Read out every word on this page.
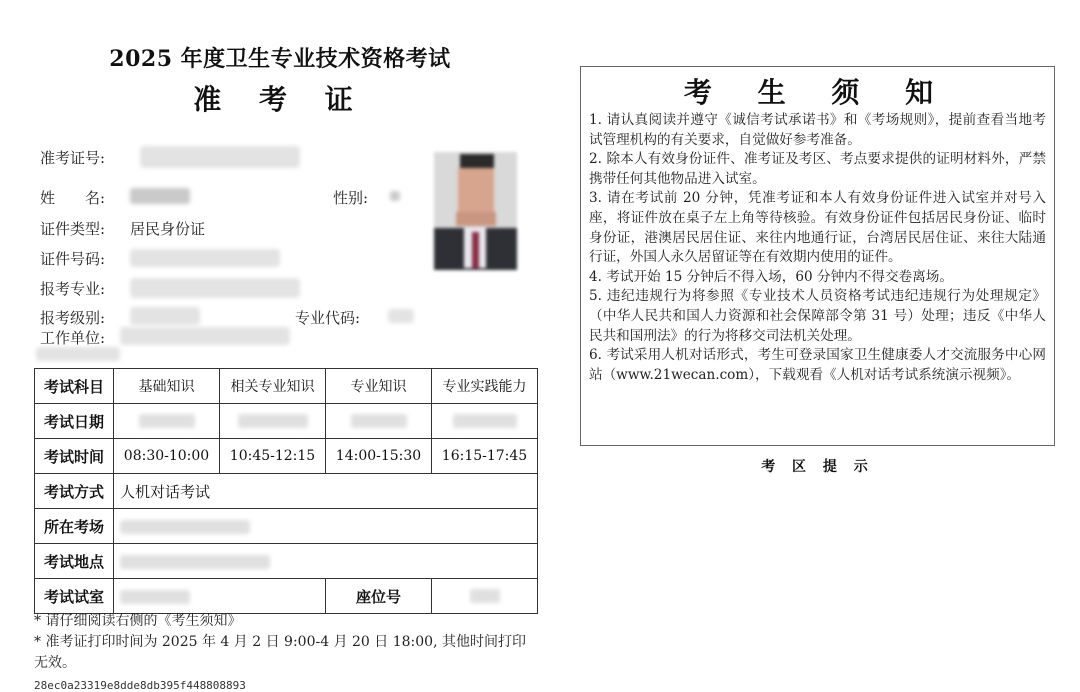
2025 年度卫生专业技术资格考试
准 考 证
准考证号:
姓　　名:	性别:
证件类型: 居民身份证
证件号码:
报考专业:
报考级别:	专业代码:
工作单位:
考试科目	基础知识	相关专业知识	专业知识	专业实践能力
考试日期				
考试时间	08:30-10:00	10:45-12:15	14:00-15:30	16:15-17:45
考试方式	人机对话考试			
所在考场				
考试地点				
考试试室			座位号	
* 请仔细阅读右侧的《考生须知》
* 准考证打印时间为 2025 年 4 月 2 日 9:00-4 月 20 日 18:00, 其他时间打印无效。
28ec0a23319e8dde8db395f448808893
考 生 须 知

1. 请认真阅读并遵守《诚信考试承诺书》和《考场规则》，提前查看当地考试管理机构的有关要求，自觉做好参考准备。

2. 除本人有效身份证件、准考证及考区、考点要求提供的证明材料外，严禁携带任何其他物品进入试室。

3. 请在考试前 20 分钟，凭准考证和本人有效身份证件进入试室并对号入座，将证件放在桌子左上角等待核验。有效身份证件包括居民身份证、临时身份证，港澳居民居住证、来往内地通行证，台湾居民居住证、来往大陆通行证，外国人永久居留证等在有效期内使用的证件。

4. 考试开始 15 分钟后不得入场，60 分钟内不得交卷离场。

5. 违纪违规行为将参照《专业技术人员资格考试违纪违规行为处理规定》（中华人民共和国人力资源和社会保障部令第 31 号）处理；违反《中华人民共和国刑法》的行为将移交司法机关处理。

6. 考试采用人机对话形式，考生可登录国家卫生健康委人才交流服务中心网站（www.21wecan.com），下载观看《人机对话考试系统演示视频》。

考 区 提 示
